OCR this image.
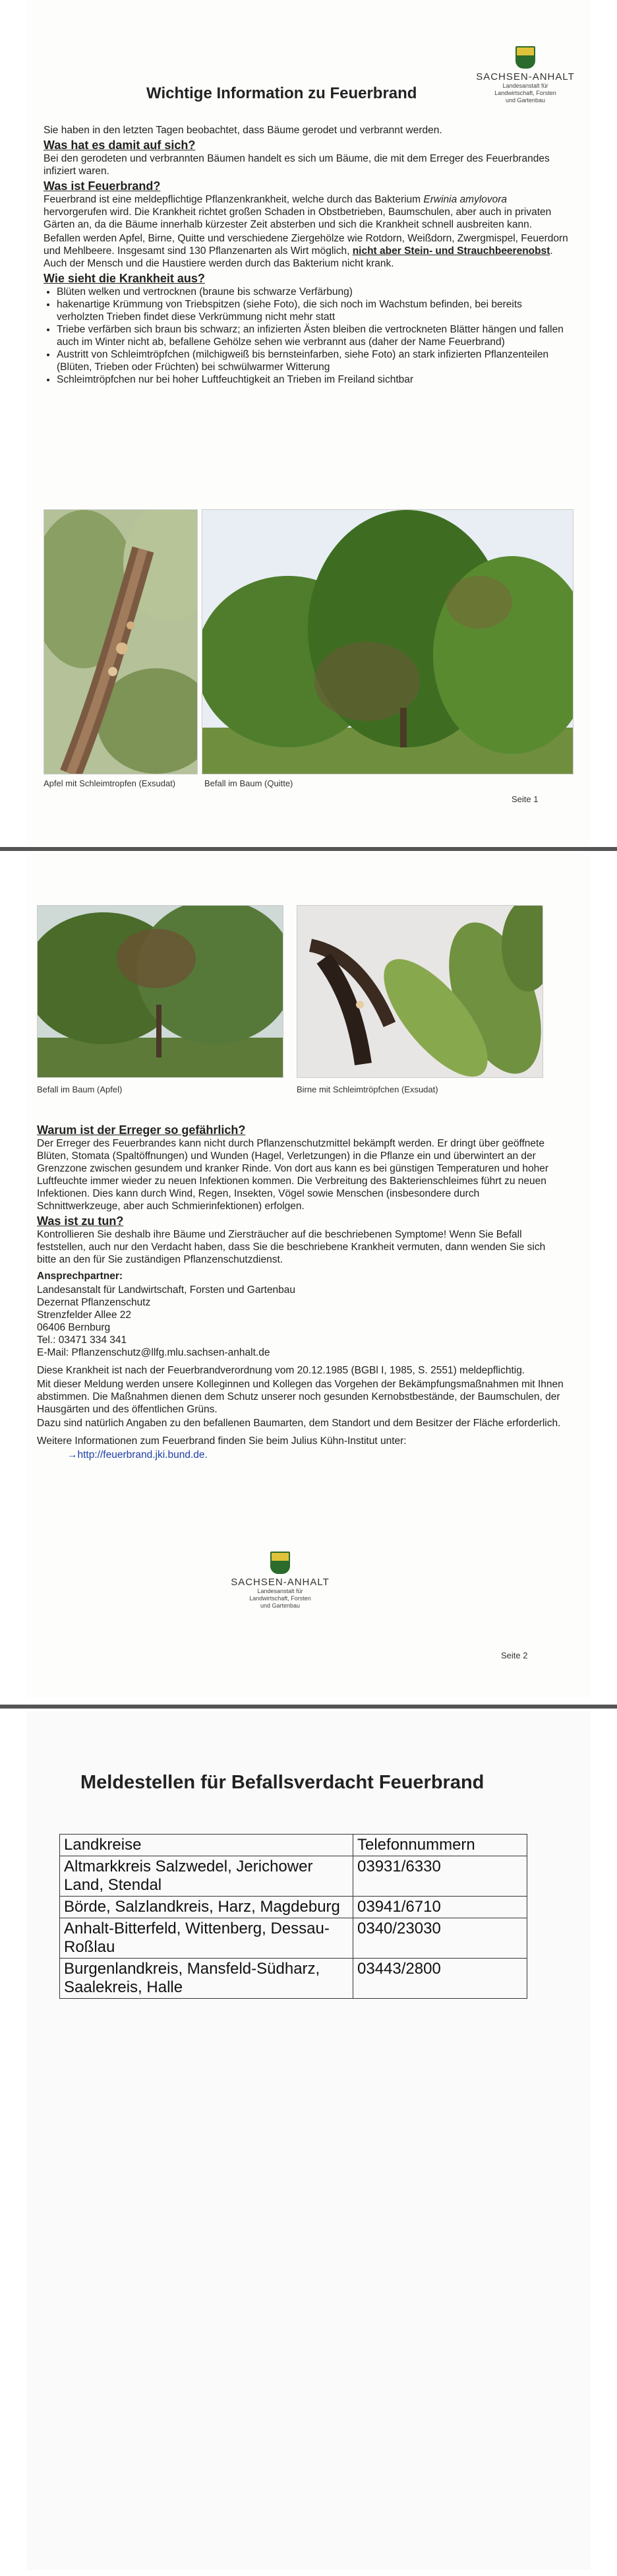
SACHSEN-ANHALT
Landesanstalt für
Landwirtschaft, Forsten
und Gartenbau
Wichtige Information zu Feuerbrand

Sie haben in den letzten Tagen beobachtet, dass Bäume gerodet und verbrannt werden.

Was hat es damit auf sich?

Bei den gerodeten und verbrannten Bäumen handelt es sich um Bäume, die mit dem Erreger des Feuerbrandes infiziert waren.

Was ist Feuerbrand?

Feuerbrand ist eine meldepflichtige Pflanzenkrankheit, welche durch das Bakterium Erwinia amylovora hervorgerufen wird. Die Krankheit richtet großen Schaden in Obstbetrieben, Baumschulen, aber auch in privaten Gärten an, da die Bäume innerhalb kürzester Zeit absterben und sich die Krankheit schnell ausbreiten kann.

Befallen werden Apfel, Birne, Quitte und verschiedene Ziergehölze wie Rotdorn, Weißdorn, Zwergmispel, Feuerdorn und Mehlbeere. Insgesamt sind 130 Pflanzenarten als Wirt möglich, nicht aber Stein- und Strauchbeerenobst. Auch der Mensch und die Haustiere werden durch das Bakterium nicht krank.

Wie sieht die Krankheit aus?

• Blüten welken und vertrocknen (braune bis schwarze Verfärbung)
• hakenartige Krümmung von Triebspitzen (siehe Foto), die sich noch im Wachstum befinden, bei bereits verholzten Trieben findet diese Verkrümmung nicht mehr statt
• Triebe verfärben sich braun bis schwarz; an infizierten Ästen bleiben die vertrockneten Blätter hängen und fallen auch im Winter nicht ab, befallene Gehölze sehen wie verbrannt aus (daher der Name Feuerbrand)
• Austritt von Schleimtröpfchen (milchigweiß bis bernsteinfarben, siehe Foto) an stark infizierten Pflanzenteilen (Blüten, Trieben oder Früchten) bei schwülwarmer Witterung
• Schleimtröpfchen nur bei hoher Luftfeuchtigkeit an Trieben im Freiland sichtbar
Apfel mit Schleimtropfen (Exsudat)	Befall im Baum (Quitte)
Seite 1
Befall im Baum (Apfel)	Birne mit Schleimtröpfchen (Exsudat)

Warum ist der Erreger so gefährlich?

Der Erreger des Feuerbrandes kann nicht durch Pflanzenschutzmittel bekämpft werden. Er dringt über geöffnete Blüten, Stomata (Spaltöffnungen) und Wunden (Hagel, Verletzungen) in die Pflanze ein und überwintert an der Grenzzone zwischen gesundem und kranker Rinde. Von dort aus kann es bei günstigen Temperaturen und hoher Luftfeuchte immer wieder zu neuen Infektionen kommen. Die Verbreitung des Bakterienschleimes führt zu neuen Infektionen. Dies kann durch Wind, Regen, Insekten, Vögel sowie Menschen (insbesondere durch Schnittwerkzeuge, aber auch Schmierinfektionen) erfolgen.

Was ist zu tun?

Kontrollieren Sie deshalb ihre Bäume und Ziersträucher auf die beschriebenen Symptome! Wenn Sie Befall feststellen, auch nur den Verdacht haben, dass Sie die beschriebene Krankheit vermuten, dann wenden Sie sich bitte an den für Sie zuständigen Pflanzenschutzdienst.

Ansprechpartner:

Landesanstalt für Landwirtschaft, Forsten und Gartenbau
Dezernat Pflanzenschutz
Strenzfelder Allee 22
06406 Bernburg
Tel.: 03471 334 341
E-Mail: Pflanzenschutz@llfg.mlu.sachsen-anhalt.de

Diese Krankheit ist nach der Feuerbrandverordnung vom 20.12.1985 (BGBl I, 1985, S. 2551) meldepflichtig.

Mit dieser Meldung werden unsere Kolleginnen und Kollegen das Vorgehen der Bekämpfungsmaßnahmen mit Ihnen abstimmen. Die Maßnahmen dienen dem Schutz unserer noch gesunden Kernobstbestände, der Baumschulen, der Hausgärten und des öffentlichen Grüns.

Dazu sind natürlich Angaben zu den befallenen Baumarten, dem Standort und dem Besitzer der Fläche erforderlich.

Weitere Informationen zum Feuerbrand finden Sie beim Julius Kühn-Institut unter:

→http://feuerbrand.jki.bund.de.

SACHSEN-ANHALT
Landesanstalt für
Landwirtschaft, Forsten
und Gartenbau
Seite 2
Meldestellen für Befallsverdacht Feuerbrand
Landkreise	Telefonnummern
Altmarkkreis Salzwedel, Jerichower Land, Stendal	03931/6330
Börde, Salzlandkreis, Harz, Magdeburg	03941/6710
Anhalt-Bitterfeld, Wittenberg, Dessau-Roßlau	0340/23030
Burgenlandkreis, Mansfeld-Südharz, Saalekreis, Halle	03443/2800
